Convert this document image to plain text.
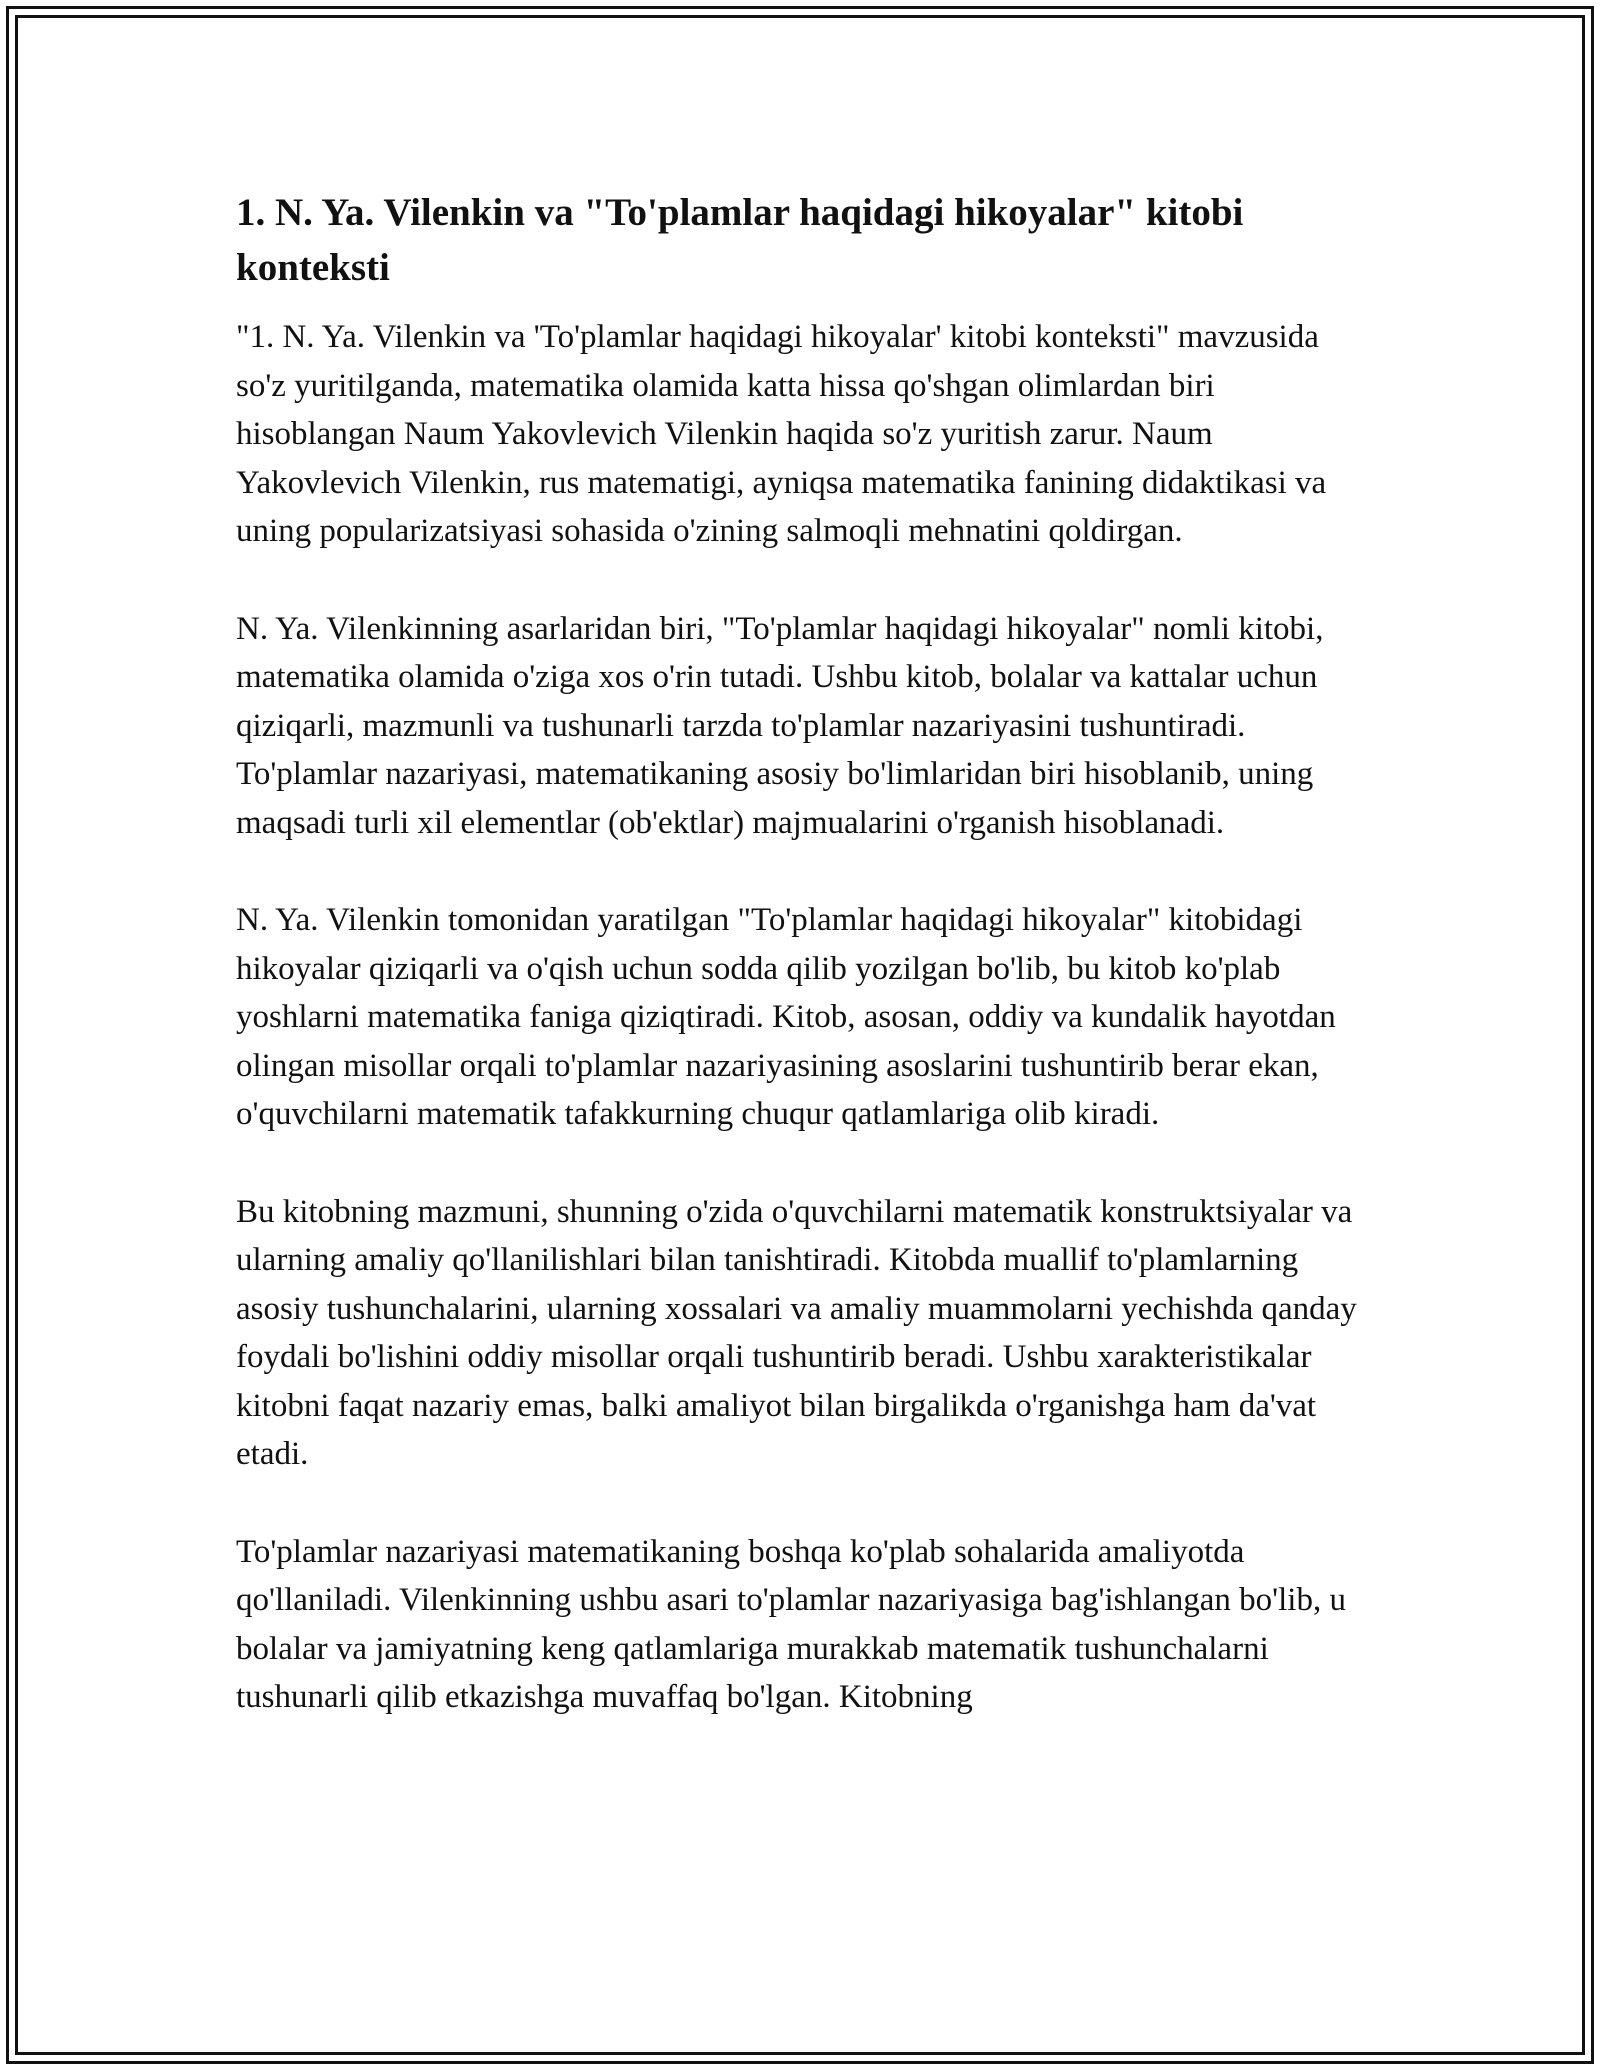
1. N. Ya. Vilenkin va "To'plamlar haqidagi hikoyalar" kitobi konteksti

"1. N. Ya. Vilenkin va 'To'plamlar haqidagi hikoyalar' kitobi konteksti" mavzusida so'z yuritilganda, matematika olamida katta hissa qo'shgan olimlardan biri hisoblangan Naum Yakovlevich Vilenkin haqida so'z yuritish zarur. Naum Yakovlevich Vilenkin, rus matematigi, ayniqsa matematika fanining didaktikasi va uning popularizatsiyasi sohasida o'zining salmoqli mehnatini qoldirgan.

N. Ya. Vilenkinning asarlaridan biri, "To'plamlar haqidagi hikoyalar" nomli kitobi, matematika olamida o'ziga xos o'rin tutadi. Ushbu kitob, bolalar va kattalar uchun qiziqarli, mazmunli va tushunarli tarzda to'plamlar nazariyasini tushuntiradi. To'plamlar nazariyasi, matematikaning asosiy bo'limlaridan biri hisoblanib, uning maqsadi turli xil elementlar (ob'ektlar) majmualarini o'rganish hisoblanadi.

N. Ya. Vilenkin tomonidan yaratilgan "To'plamlar haqidagi hikoyalar" kitobidagi hikoyalar qiziqarli va o'qish uchun sodda qilib yozilgan bo'lib, bu kitob ko'plab yoshlarni matematika faniga qiziqtiradi. Kitob, asosan, oddiy va kundalik hayotdan olingan misollar orqali to'plamlar nazariyasining asoslarini tushuntirib berar ekan, o'quvchilarni matematik tafakkurning chuqur qatlamlariga olib kiradi.

Bu kitobning mazmuni, shunning o'zida o'quvchilarni matematik konstruktsiyalar va ularning amaliy qo'llanilishlari bilan tanishtiradi. Kitobda muallif to'plamlarning asosiy tushunchalarini, ularning xossalari va amaliy muammolarni yechishda qanday foydali bo'lishini oddiy misollar orqali tushuntirib beradi. Ushbu xarakteristikalar kitobni faqat nazariy emas, balki amaliyot bilan birgalikda o'rganishga ham da'vat etadi.

To'plamlar nazariyasi matematikaning boshqa ko'plab sohalarida amaliyotda qo'llaniladi. Vilenkinning ushbu asari to'plamlar nazariyasiga bag'ishlangan bo'lib, u bolalar va jamiyatning keng qatlamlariga murakkab matematik tushunchalarni tushunarli qilib etkazishga muvaffaq bo'lgan. Kitobning
